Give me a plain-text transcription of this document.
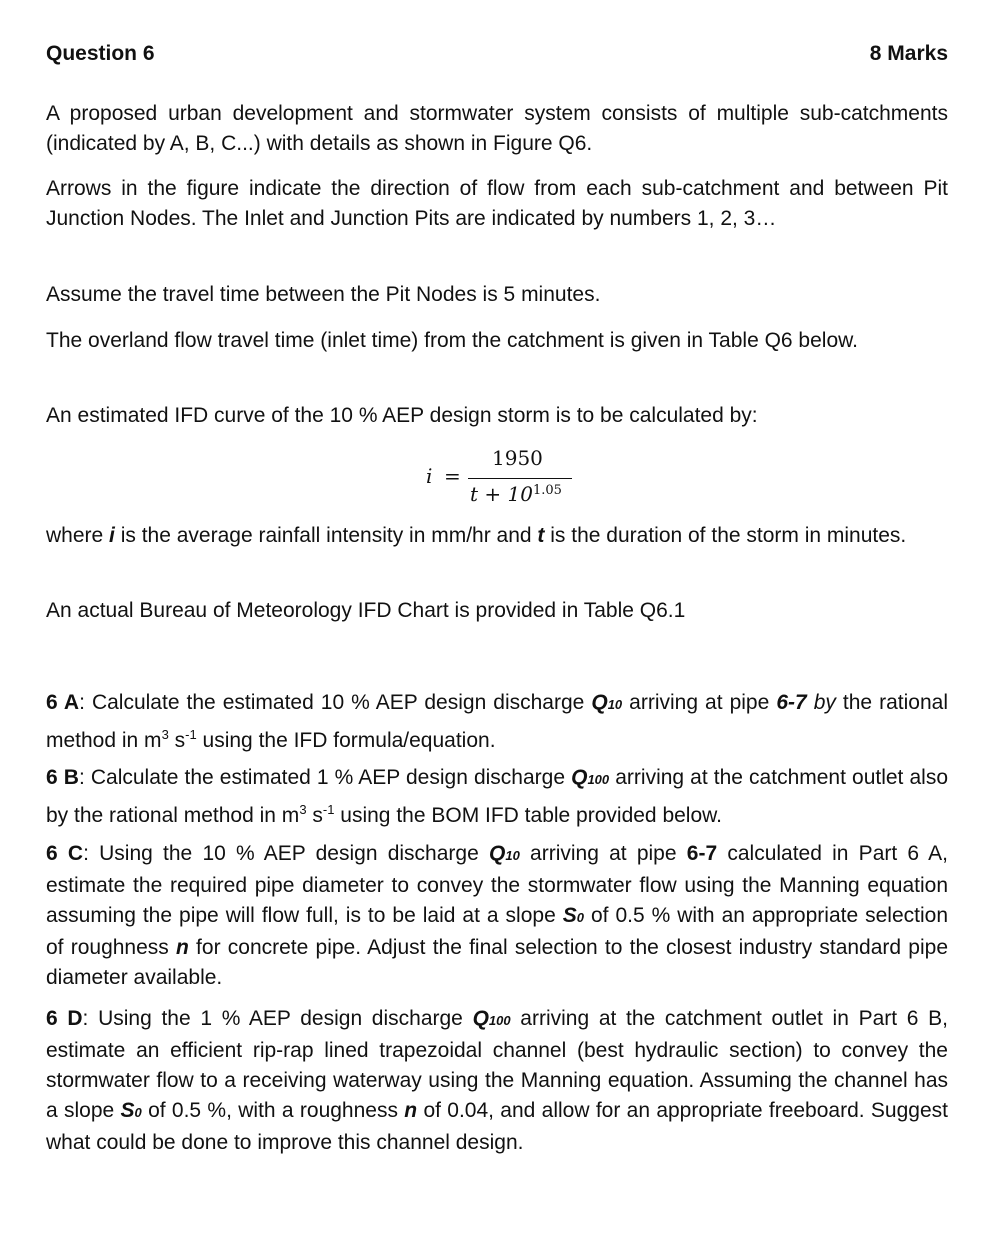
Question 6	8 Marks

A proposed urban development and stormwater system consists of multiple sub-catchments (indicated by A, B, C...) with details as shown in Figure Q6.

Arrows in the figure indicate the direction of flow from each sub-catchment and between Pit Junction Nodes. The Inlet and Junction Pits are indicated by numbers 1, 2, 3…

Assume the travel time between the Pit Nodes is 5 minutes.

The overland flow travel time (inlet time) from the catchment is given in Table Q6 below.

An estimated IFD curve of the 10 % AEP design storm is to be calculated by:

i =
1950
$t + 10^{1.05}$

where i is the average rainfall intensity in mm/hr and t is the duration of the storm in minutes.

An actual Bureau of Meteorology IFD Chart is provided in Table Q6.1

6 A: Calculate the estimated 10 % AEP design discharge Q10 arriving at pipe 6-7 by the rational method in $m^3$ $s^{-1}$ using the IFD formula/equation.

6 B: Calculate the estimated 1 % AEP design discharge Q100 arriving at the catchment outlet also by the rational method in $m^3$ $s^{-1}$ using the BOM IFD table provided below.

6 C: Using the 10 % AEP design discharge Q10 arriving at pipe 6-7 calculated in Part 6 A, estimate the required pipe diameter to convey the stormwater flow using the Manning equation assuming the pipe will flow full, is to be laid at a slope S0 of 0.5 % with an appropriate selection of roughness n for concrete pipe. Adjust the final selection to the closest industry standard pipe diameter available.

6 D: Using the 1 % AEP design discharge Q100 arriving at the catchment outlet in Part 6 B, estimate an efficient rip-rap lined trapezoidal channel (best hydraulic section) to convey the stormwater flow to a receiving waterway using the Manning equation. Assuming the channel has a slope S0 of 0.5 %, with a roughness n of 0.04, and allow for an appropriate freeboard. Suggest what could be done to improve this channel design.
